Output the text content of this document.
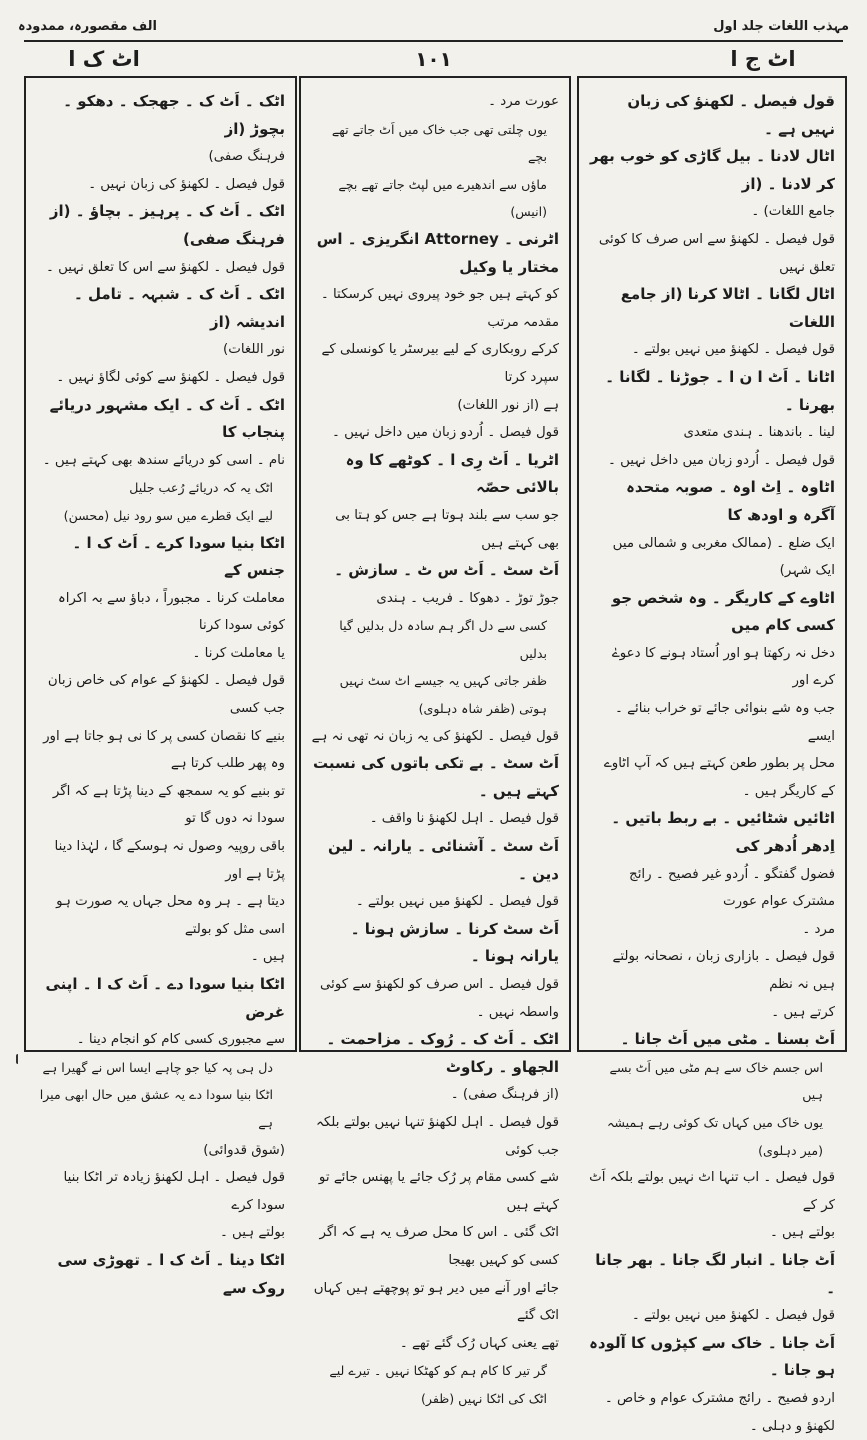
مہذب اللغات جلد اول
الف مقصورہ، ممدودہ
اٹ ج ا
۱۰۱
اٹ ک ا

قول فیصل ۔ لکھنؤ کی زبان نہیں ہے ۔

اٹال لادنا ۔ بیل گاڑی کو خوب بھر کر لادنا ۔ (از

جامع اللغات) ۔

قول فیصل ۔ لکھنؤ سے اس صرف کا کوئی تعلق نہیں

اٹال لگانا ۔ اٹالا کرنا (از جامع اللغات

قول فیصل ۔ لکھنؤ میں نہیں بولتے ۔

اٹانا ۔ اَٹ ا ن ا ۔ جوڑنا ۔ لگانا ۔ بھرنا ۔

لینا ۔ باندھنا ۔ ہندی متعدی

قول فیصل ۔ اُردو زبان میں داخل نہیں ۔

اٹاوہ ۔ اِٹ اوہ ۔ صوبہ متحدہ آگرہ و اودھ کا

ایک ضلع ۔ (ممالک مغربی و شمالی میں ایک شہر)

اٹاوے کے کاریگر ۔ وہ شخص جو کسی کام میں

دخل نہ رکھتا ہو اور اُستاد ہونے کا دعوےٰ کرے اور

جب وہ شے بنوائی جائے تو خراب بنائے ۔ ایسے

محل پر بطور طعن کہتے ہیں کہ آپ اٹاوے کے کاریگر ہیں ۔

اٹائیں شٹائیں ۔ بے ربط باتیں ۔ اِدھر اُدھر کی

فضول گفتگو ۔ اُردو غیر فصیح ۔ رائج مشترک عوام عورت

مرد ۔

قول فیصل ۔ بازاری زبان ، نصحانہ بولتے ہیں نہ نظم

کرتے ہیں ۔

اَٹ بسنا ۔ مٹی میں اَٹ جانا ۔

اس جسم خاک سے ہم مٹی میں اَٹ بسے ہیں

یوں خاک میں کہاں تک کوئی رہے ہمیشہ (میر دہلوی)

قول فیصل ۔ اب تنہا اٹ نہیں بولتے بلکہ اَٹ کر کے

بولتے ہیں ۔

اَٹ جانا ۔ انبار لگ جانا ۔ بھر جانا ۔

قول فیصل ۔ لکھنؤ میں نہیں بولتے ۔

اَٹ جانا ۔ خاک سے کپڑوں کا آلودہ ہو جانا ۔

اردو فصیح ۔ رائج مشترک عوام و خاص ۔ لکھنؤ و دہلی ۔

عورت مرد ۔

یوں چلتی تھی جب خاک میں اَٹ جاتے تھے بچے

ماؤں سے اندھیرے میں لپٹ جاتے تھے بچے (انیس)

اٹرنی ۔ Attorney انگریزی ۔ اس مختار یا وکیل

کو کہتے ہیں جو خود پیروی نہیں کرسکتا ۔ مقدمہ مرتب

کرکے روبکاری کے لیے بیرسٹر یا کونسلی کے سپرد کرتا

ہے (از نور اللغات)

قول فیصل ۔ اُردو زبان میں داخل نہیں ۔

اٹریا ۔ اَٹ رِی ا ۔ کوٹھے کا وہ بالائی حصّہ

جو سب سے بلند ہوتا ہے جس کو ہتا بی بھی کہتے ہیں

اَٹ سٹ ۔ اَٹ س ٹ ۔ سازش ۔

جوڑ توڑ ۔ دھوکا ۔ فریب ۔ ہندی

کسی سے دل اگر ہم سادہ دل بدلیں گیا بدلیں

ظفر جاتی کہیں یہ جیسے اٹ سٹ نہیں ہوتی (ظفر شاہ دہلوی)

قول فیصل ۔ لکھنؤ کی یہ زبان نہ تھی نہ ہے

اَٹ سٹ ۔ بے تکی باتوں کی نسبت کہتے ہیں ۔

قول فیصل ۔ اہل لکھنؤ نا واقف ۔

اَٹ سٹ ۔ آشنائی ۔ یارانہ ۔ لین دین ۔

قول فیصل ۔ لکھنؤ میں نہیں بولتے ۔

اَٹ سٹ کرنا ۔ سازش ہونا ۔ یارانہ ہونا ۔

قول فیصل ۔ اس صرف کو لکھنؤ سے کوئی واسطہ نہیں ۔

اٹک ۔ اَٹ ک ۔ رُوک ۔ مزاحمت ۔ الجھاو ۔ رکاوٹ

(از فرہنگ صفی) ۔

قول فیصل ۔ اہل لکھنؤ تنہا نہیں بولتے بلکہ جب کوئی

شے کسی مقام پر رُک جائے یا پھنس جائے تو کہتے ہیں

اٹک گئی ۔ اس کا محل صرف یہ ہے کہ اگر کسی کو کہیں بھیجا

جائے اور آنے میں دیر ہو تو پوچھتے ہیں کہاں اٹک گئے

تھے یعنی کہاں رُک گئے تھے ۔

گر تیر کا کام ہم کو کھٹکا نہیں ۔ تیرے لیے اٹک کی اٹکا نہیں (ظفر)

اٹک ۔ اَٹ ک ۔ جھجک ۔ دھکو ۔ بچوڑ (از

فرہنگ صفی)

قول فیصل ۔ لکھنؤ کی زبان نہیں ۔

اٹک ۔ اَٹ ک ۔ پرہیز ۔ بچاؤ ۔ (از فرہنگ صفی)

قول فیصل ۔ لکھنؤ سے اس کا تعلق نہیں ۔

اٹک ۔ اَٹ ک ۔ شبہہ ۔ تامل ۔ اندیشہ (از

نور اللغات)

قول فیصل ۔ لکھنؤ سے کوئی لگاؤ نہیں ۔

اٹک ۔ اَٹ ک ۔ ایک مشہور دریائے پنجاب کا

نام ۔ اسی کو دریائے سندھ بھی کہتے ہیں ۔

اٹک یہ کہ دریائے رُعب جلیل

لیے ایک قطرے میں سو رود نیل (محسن)

اٹکا بنیا سودا کرے ۔ اَٹ ک ا ۔ جنس کے

معاملت کرنا ۔ مجبوراً ، دباؤ سے بہ اکراہ کوئی سودا کرنا

یا معاملت کرنا ۔

قول فیصل ۔ لکھنؤ کے عوام کی خاص زبان جب کسی

بنیے کا نقصان کسی پر کا نی ہو جاتا ہے اور وہ پھر طلب کرتا ہے

تو بنیے کو یہ سمجھ کے دینا پڑتا ہے کہ اگر سودا نہ دوں گا تو

باقی روپیہ وصول نہ ہوسکے گا ، لہٰذا دینا پڑتا ہے اور

دیتا ہے ۔ ہر وہ محل جہاں یہ صورت ہو اسی مثل کو بولتے

ہیں ۔

اٹکا بنیا سودا دے ۔ اَٹ ک ا ۔ اپنی غرض

سے مجبوری کسی کام کو انجام دینا ۔

دل ہی پہ کیا جو چاہے ایسا اس نے گھیرا ہے

اٹکا بنیا سودا دے یہ عشق میں حال ابھی میرا ہے

(شوق قدوائی)

قول فیصل ۔ اہل لکھنؤ زیادہ تر اٹکا بنیا سودا کرے

بولتے ہیں ۔

اٹکا دینا ۔ اَٹ ک ا ۔ تھوڑی سی روک سے
